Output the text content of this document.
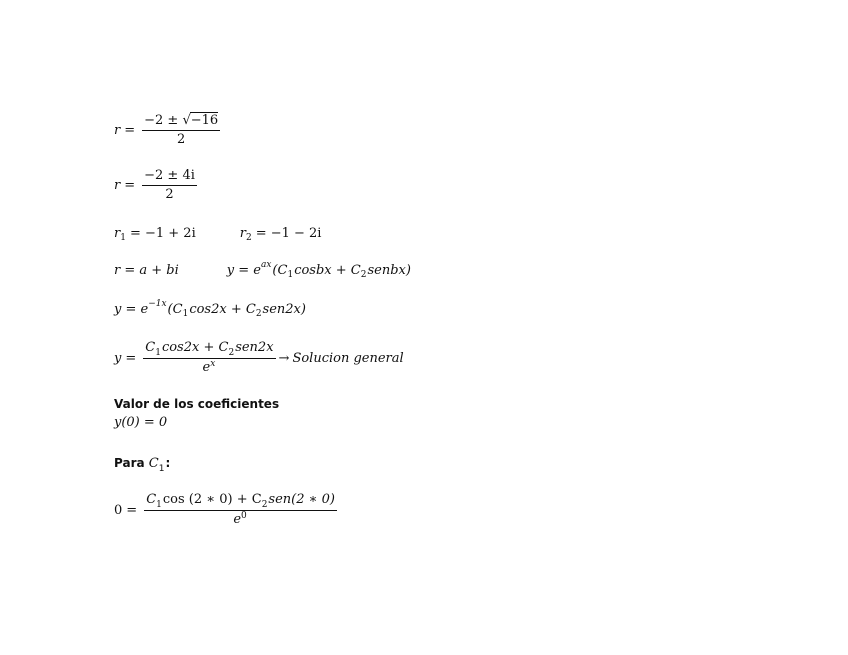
$r = \frac{-2 \pm √-16}{2}$
$r = \frac{-2 \pm 4i}{2}$
r 1 = −1 + 2i	r 2 = −1 − 2i
r = a + bi	y = e ax (C 1 cosbx + C 2 senbx)
y = e −1x (C 1 cos2x + C 2 sen2x)
$y = \frac{C_1\cos 2x + C_2sen2x}{e^x}$ → Solucion general
Valor de los coeficientes
y(0) = 0
Para $C_1$:
$0 = \frac{C_1\cos (2 ∗ 0) + C_2sen(2 ∗ 0)}{e^0}$
